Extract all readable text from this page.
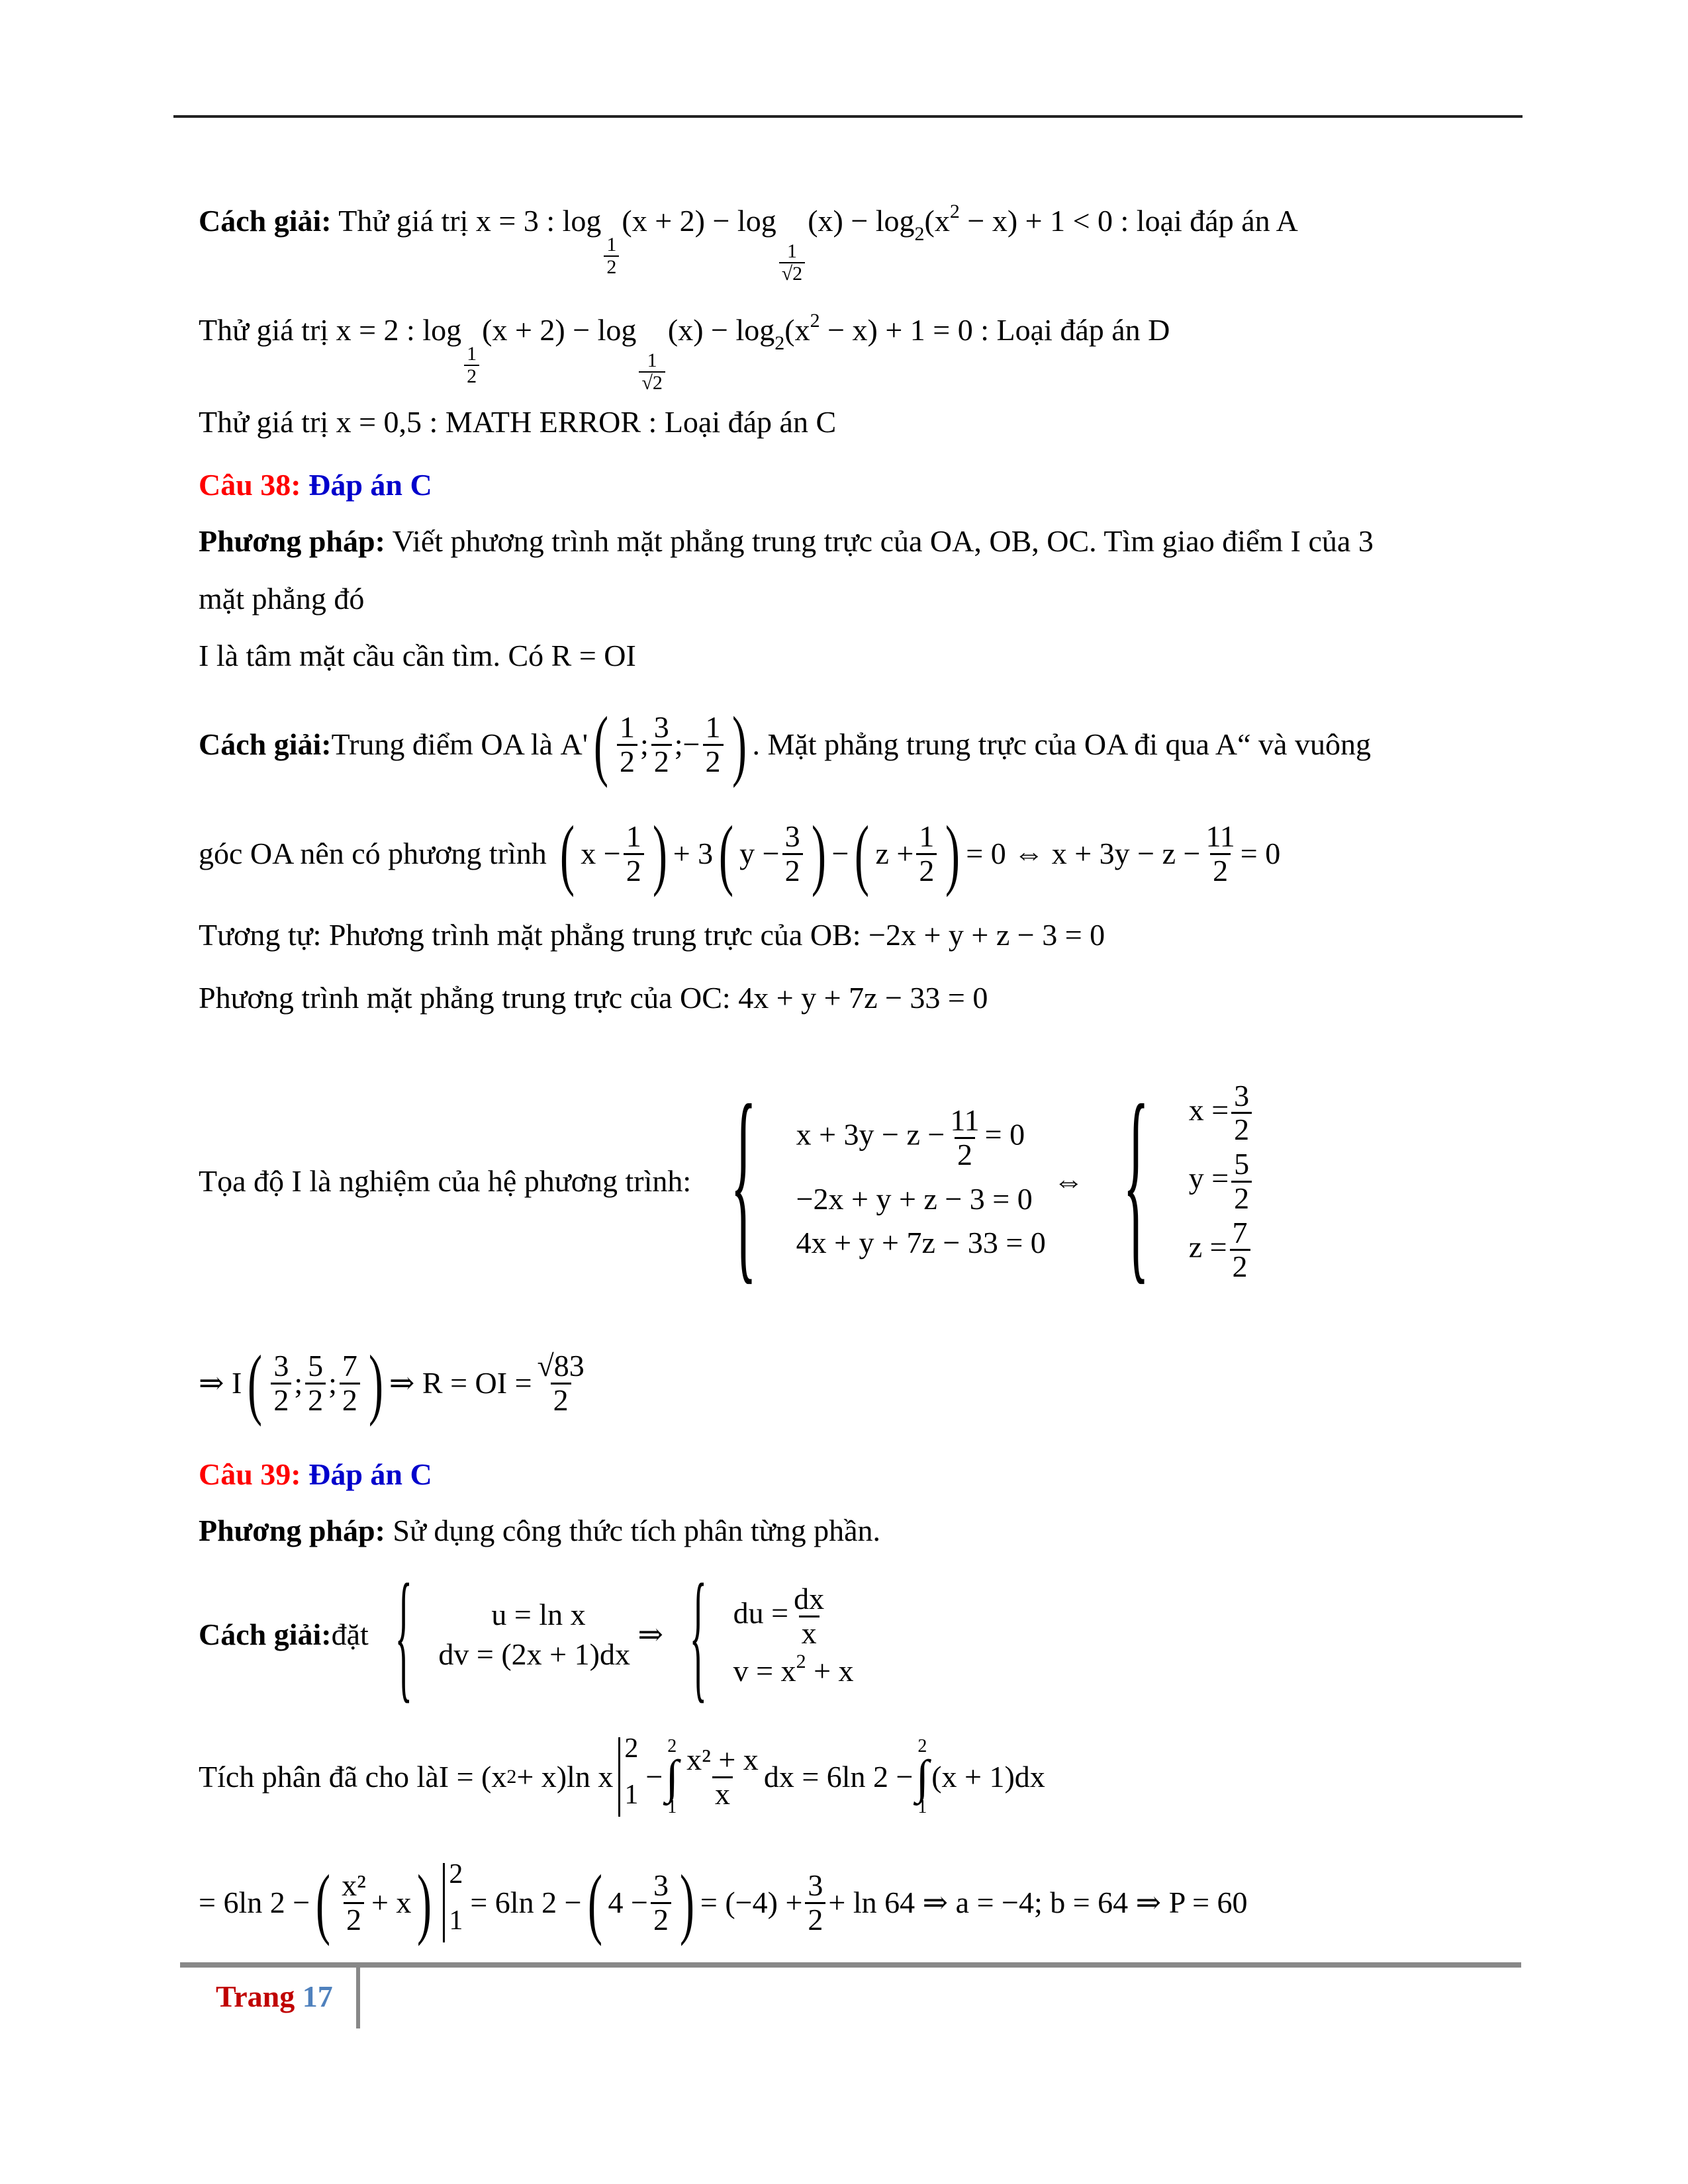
Cách giải: Thử giá trị x = 3 : log
$\frac{1}{2}$
(x + 2) − log
$\frac{1}{√2}$
$(x) - \log_2(x^2 - x) + 1 < 0$ : loại đáp án A
Thử giá trị x = 2 : log
$\frac{1}{2}$
(x + 2) − log
$\frac{1}{√2}$
$(x) - \log_2(x^2 - x) + 1 = 0$ : Loại đáp án D
Thử giá trị x = 0,5 : MATH ERROR : Loại đáp án C
Câu 38: Đáp án C
Phương pháp: Viết phương trình mặt phẳng trung trực của OA, OB, OC. Tìm giao điểm I của 3
mặt phẳng đó
I là tâm mặt cầu cần tìm. Có R = OI
Cách giải: Trung điểm OA là
A' ( $\frac{1}{2}$ ; $\frac{3}{2}$ ;− $\frac{1}{2}$ ) . Mặt phẳng trung trực của OA đi qua A“ và vuông
góc OA nên có phương trình
( $x - \frac{1}{2}$ ) + 3 ( $y - \frac{3}{2}$ ) − ( $z + \frac{1}{2}$ ) = 0 ⇔ $x + 3y - z - \frac{11}{2} = 0$
Tương tự: Phương trình mặt phẳng trung trực của OB: −2x + y + z − 3 = 0
Phương trình mặt phẳng trung trực của OC: 4x + y + 7z − 33 = 0
Tọa độ I là nghiệm của hệ phương trình: { $x + 3y - z - \frac{11}{2} = 0$
−2x + y + z − 3 = 0
4x + y + 7z − 33 = 0

⇔ { $x = \frac{3}{2}$
$y = \frac{5}{2}$
$z = \frac{7}{2}$
⇒ I ( $\frac{3}{2}$ ; $\frac{5}{2}$ ; $\frac{7}{2}$ ) ⇒ R = OI = $\frac{√83}{2}$
Câu 39: Đáp án C
Phương pháp: Sử dụng công thức tích phân từng phần.
Cách giải: đặt {	u = ln x
dv = (2x + 1)dx

⇒ { du = $\frac{dx}{x}$
$v = x^2 + x$
Tích phân đã cho là I = (x 2 + x)ln x
2
1
−
2
∫
$1 \frac{\text{x² + x}}{x}$ dx = 6ln 2 −
2
∫
1
(x + 1)dx
= 6ln 2 − ( $\frac{\text{x²}}{2} + x$ ) 2
1
= 6ln 2 − ( $4 - \frac{3}{2}$ ) = $(-4) + \frac{3}{2} + \ln 64$ ⇒ a = −4; b = 64 ⇒ P = 60
Trang 17
